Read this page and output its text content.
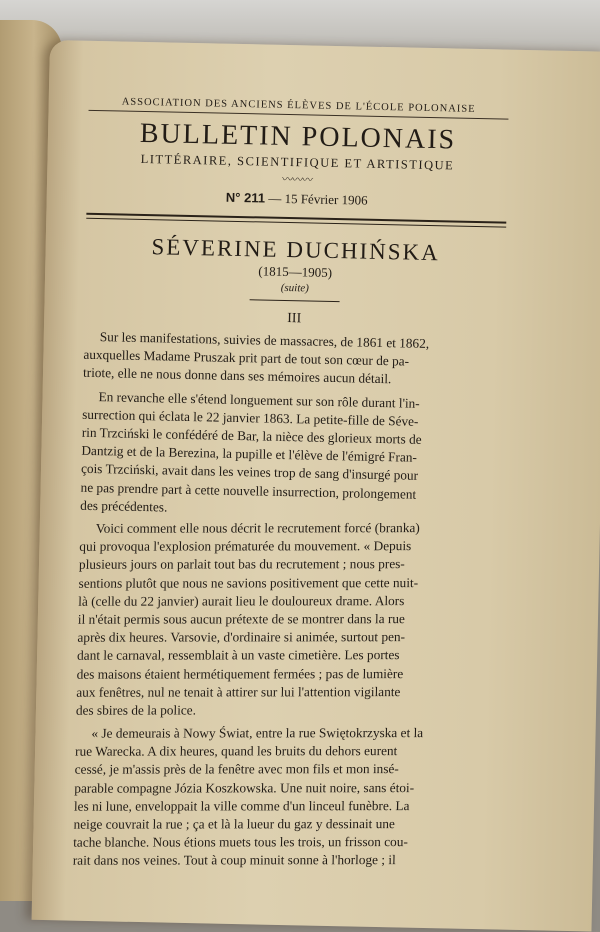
ASSOCIATION DES ANCIENS ÉLÈVES DE L'ÉCOLE POLONAISE
BULLETIN POLONAIS
LITTÉRAIRE, SCIENTIFIQUE ET ARTISTIQUE
〰〰〰
N° 211 — 15 Février 1906
SÉVERINE DUCHIŃSKA
(1815—1905)
(suite)
III
Sur les manifestations, suivies de massacres, de 1861 et 1862,
auxquelles Madame Pruszak prit part de tout son cœur de pa-
triote, elle ne nous donne dans ses mémoires aucun détail.
En revanche elle s'étend longuement sur son rôle durant l'in-
surrection qui éclata le 22 janvier 1863. La petite-fille de Séve-
rin Trzciński le confédéré de Bar, la nièce des glorieux morts de
Dantzig et de la Berezina, la pupille et l'élève de l'émigré Fran-
çois Trzciński, avait dans les veines trop de sang d'insurgé pour
ne pas prendre part à cette nouvelle insurrection, prolongement
des précédentes.
Voici comment elle nous décrit le recrutement forcé (branka)
qui provoqua l'explosion prématurée du mouvement. « Depuis
plusieurs jours on parlait tout bas du recrutement ; nous pres-
sentions plutôt que nous ne savions positivement que cette nuit-
là (celle du 22 janvier) aurait lieu le douloureux drame. Alors
il n'était permis sous aucun prétexte de se montrer dans la rue
après dix heures. Varsovie, d'ordinaire si animée, surtout pen-
dant le carnaval, ressemblait à un vaste cimetière. Les portes
des maisons étaient hermétiquement fermées ; pas de lumière
aux fenêtres, nul ne tenait à attirer sur lui l'attention vigilante
des sbires de la police.
« Je demeurais à Nowy Świat, entre la rue Swiętokrzyska et la
rue Warecka. A dix heures, quand les bruits du dehors eurent
cessé, je m'assis près de la fenêtre avec mon fils et mon insé-
parable compagne Józia Koszkowska. Une nuit noire, sans étoi-
les ni lune, enveloppait la ville comme d'un linceul funèbre. La
neige couvrait la rue ; ça et là la lueur du gaz y dessinait une
tache blanche. Nous étions muets tous les trois, un frisson cou-
rait dans nos veines. Tout à coup minuit sonne à l'horloge ; il
